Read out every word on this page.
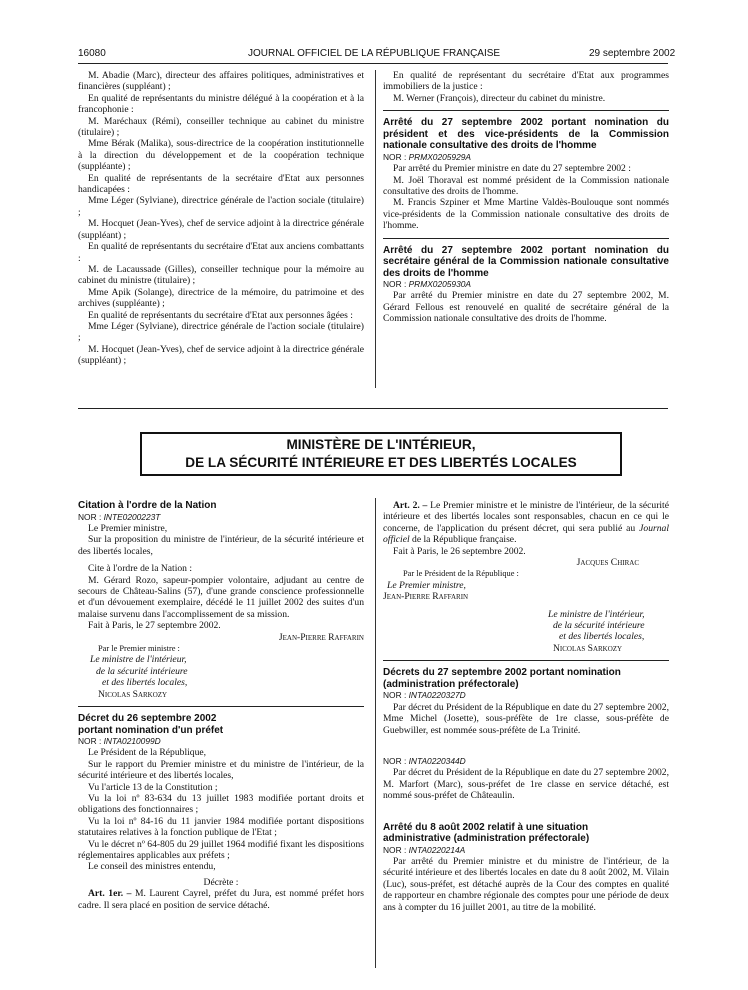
16080	JOURNAL OFFICIEL DE LA RÉPUBLIQUE FRANÇAISE	29 septembre 2002

M. Abadie (Marc), directeur des affaires politiques, administratives et financières (suppléant) ;

En qualité de représentants du ministre délégué à la coopération et à la francophonie :

M. Maréchaux (Rémi), conseiller technique au cabinet du ministre (titulaire) ;

Mme Bérak (Malika), sous-directrice de la coopération institutionnelle à la direction du développement et de la coopération technique (suppléante) ;

En qualité de représentants de la secrétaire d'Etat aux personnes handicapées :

Mme Léger (Sylviane), directrice générale de l'action sociale (titulaire) ;

M. Hocquet (Jean-Yves), chef de service adjoint à la directrice générale (suppléant) ;

En qualité de représentants du secrétaire d'Etat aux anciens combattants :

M. de Lacaussade (Gilles), conseiller technique pour la mémoire au cabinet du ministre (titulaire) ;

Mme Apik (Solange), directrice de la mémoire, du patrimoine et des archives (suppléante) ;

En qualité de représentants du secrétaire d'Etat aux personnes âgées :

Mme Léger (Sylviane), directrice générale de l'action sociale (titulaire) ;

M. Hocquet (Jean-Yves), chef de service adjoint à la directrice générale (suppléant) ;

En qualité de représentant du secrétaire d'Etat aux programmes immobiliers de la justice :

M. Werner (François), directeur du cabinet du ministre.

Arrêté du 27 septembre 2002 portant nomination du président et des vice-présidents de la Commission nationale consultative des droits de l'homme

NOR : PRMX0205929A

Par arrêté du Premier ministre en date du 27 septembre 2002 :

M. Joël Thoraval est nommé président de la Commission nationale consultative des droits de l'homme.

M. Francis Szpiner et Mme Martine Valdès-Boulouque sont nommés vice-présidents de la Commission nationale consultative des droits de l'homme.

Arrêté du 27 septembre 2002 portant nomination du secrétaire général de la Commission nationale consultative des droits de l'homme

NOR : PRMX0205930A

Par arrêté du Premier ministre en date du 27 septembre 2002, M. Gérard Fellous est renouvelé en qualité de secrétaire général de la Commission nationale consultative des droits de l'homme.

MINISTÈRE DE L'INTÉRIEUR,
DE LA SÉCURITÉ INTÉRIEURE ET DES LIBERTÉS LOCALES

Citation à l'ordre de la Nation

NOR : INTE0200223T

Le Premier ministre,

Sur la proposition du ministre de l'intérieur, de la sécurité intérieure et des libertés locales,

Cite à l'ordre de la Nation :

M. Gérard Rozo, sapeur-pompier volontaire, adjudant au centre de secours de Château-Salins (57), d'une grande conscience professionnelle et d'un dévouement exemplaire, décédé le 11 juillet 2002 des suites d'un malaise survenu dans l'accomplissement de sa mission.

Fait à Paris, le 27 septembre 2002.

Jean-Pierre Raffarin

Par le Premier ministre :

Le ministre de l'intérieur,

de la sécurité intérieure

et des libertés locales,

Nicolas Sarkozy

Décret du 26 septembre 2002

portant nomination d'un préfet

NOR : INTA0210099D

Le Président de la République,

Sur le rapport du Premier ministre et du ministre de l'intérieur, de la sécurité intérieure et des libertés locales,

Vu l'article 13 de la Constitution ;

Vu la loi nº 83-634 du 13 juillet 1983 modifiée portant droits et obligations des fonctionnaires ;

Vu la loi nº 84-16 du 11 janvier 1984 modifiée portant dispositions statutaires relatives à la fonction publique de l'Etat ;

Vu le décret nº 64-805 du 29 juillet 1964 modifié fixant les dispositions réglementaires applicables aux préfets ;

Le conseil des ministres entendu,

Décrète :

Art. 1er. – M. Laurent Cayrel, préfet du Jura, est nommé préfet hors cadre. Il sera placé en position de service détaché.

Art. 2. – Le Premier ministre et le ministre de l'intérieur, de la sécurité intérieure et des libertés locales sont responsables, chacun en ce qui le concerne, de l'application du présent décret, qui sera publié au Journal officiel de la République française.

Fait à Paris, le 26 septembre 2002.

Jacques Chirac

Par le Président de la République :

Le Premier ministre,

Jean-Pierre Raffarin

Le ministre de l'intérieur,

de la sécurité intérieure

et des libertés locales,

Nicolas Sarkozy

Décrets du 27 septembre 2002 portant nomination

(administration préfectorale)

NOR : INTA0220327D

Par décret du Président de la République en date du 27 septembre 2002, Mme Michel (Josette), sous-préfète de 1re classe, sous-préfète de Guebwiller, est nommée sous-préfète de La Trinité.

NOR : INTA0220344D

Par décret du Président de la République en date du 27 septembre 2002, M. Marfort (Marc), sous-préfet de 1re classe en service détaché, est nommé sous-préfet de Châteaulin.

Arrêté du 8 août 2002 relatif à une situation

administrative (administration préfectorale)

NOR : INTA0220214A

Par arrêté du Premier ministre et du ministre de l'intérieur, de la sécurité intérieure et des libertés locales en date du 8 août 2002, M. Vilain (Luc), sous-préfet, est détaché auprès de la Cour des comptes en qualité de rapporteur en chambre régionale des comptes pour une période de deux ans à compter du 16 juillet 2001, au titre de la mobilité.
